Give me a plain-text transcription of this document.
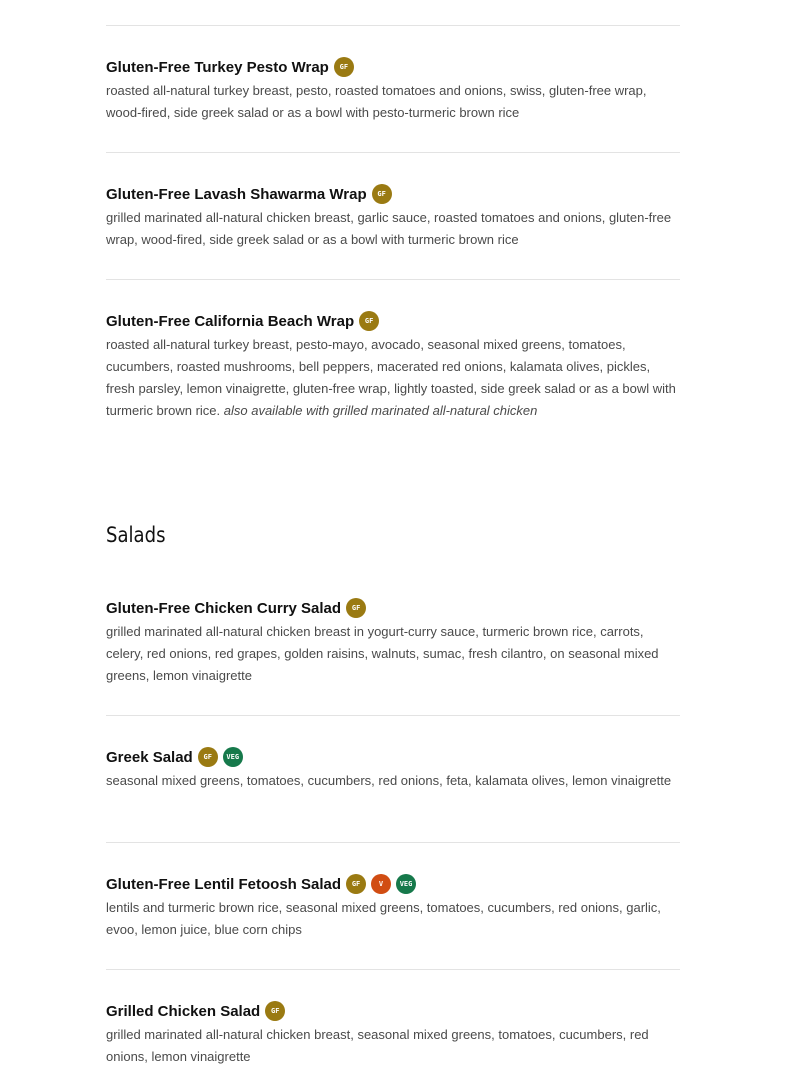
Gluten-Free Turkey Pesto Wrap	GF
roasted all-natural turkey breast, pesto, roasted tomatoes and onions, swiss, gluten-free wrap, wood-fired, side greek salad or as a bowl with pesto-turmeric brown rice
Gluten-Free Lavash Shawarma Wrap	GF
grilled marinated all-natural chicken breast, garlic sauce, roasted tomatoes and onions, gluten-free wrap, wood-fired, side greek salad or as a bowl with turmeric brown rice
Gluten-Free California Beach Wrap	GF
roasted all-natural turkey breast, pesto-mayo, avocado, seasonal mixed greens, tomatoes, cucumbers, roasted mushrooms, bell peppers, macerated red onions, kalamata olives, pickles, fresh parsley, lemon vinaigrette, gluten-free wrap, lightly toasted, side greek salad or as a bowl with turmeric brown rice. also available with grilled marinated all-natural chicken
Salads
Gluten-Free Chicken Curry Salad	GF
grilled marinated all-natural chicken breast in yogurt-curry sauce, turmeric brown rice, carrots, celery, red onions, red grapes, golden raisins, walnuts, sumac, fresh cilantro, on seasonal mixed greens, lemon vinaigrette
Greek Salad	GF	VEG
seasonal mixed greens, tomatoes, cucumbers, red onions, feta, kalamata olives, lemon vinaigrette
Gluten-Free Lentil Fetoosh Salad	GF	V	VEG
lentils and turmeric brown rice, seasonal mixed greens, tomatoes, cucumbers, red onions, garlic, evoo, lemon juice, blue corn chips
Grilled Chicken Salad	GF
grilled marinated all-natural chicken breast, seasonal mixed greens, tomatoes, cucumbers, red onions, lemon vinaigrette
